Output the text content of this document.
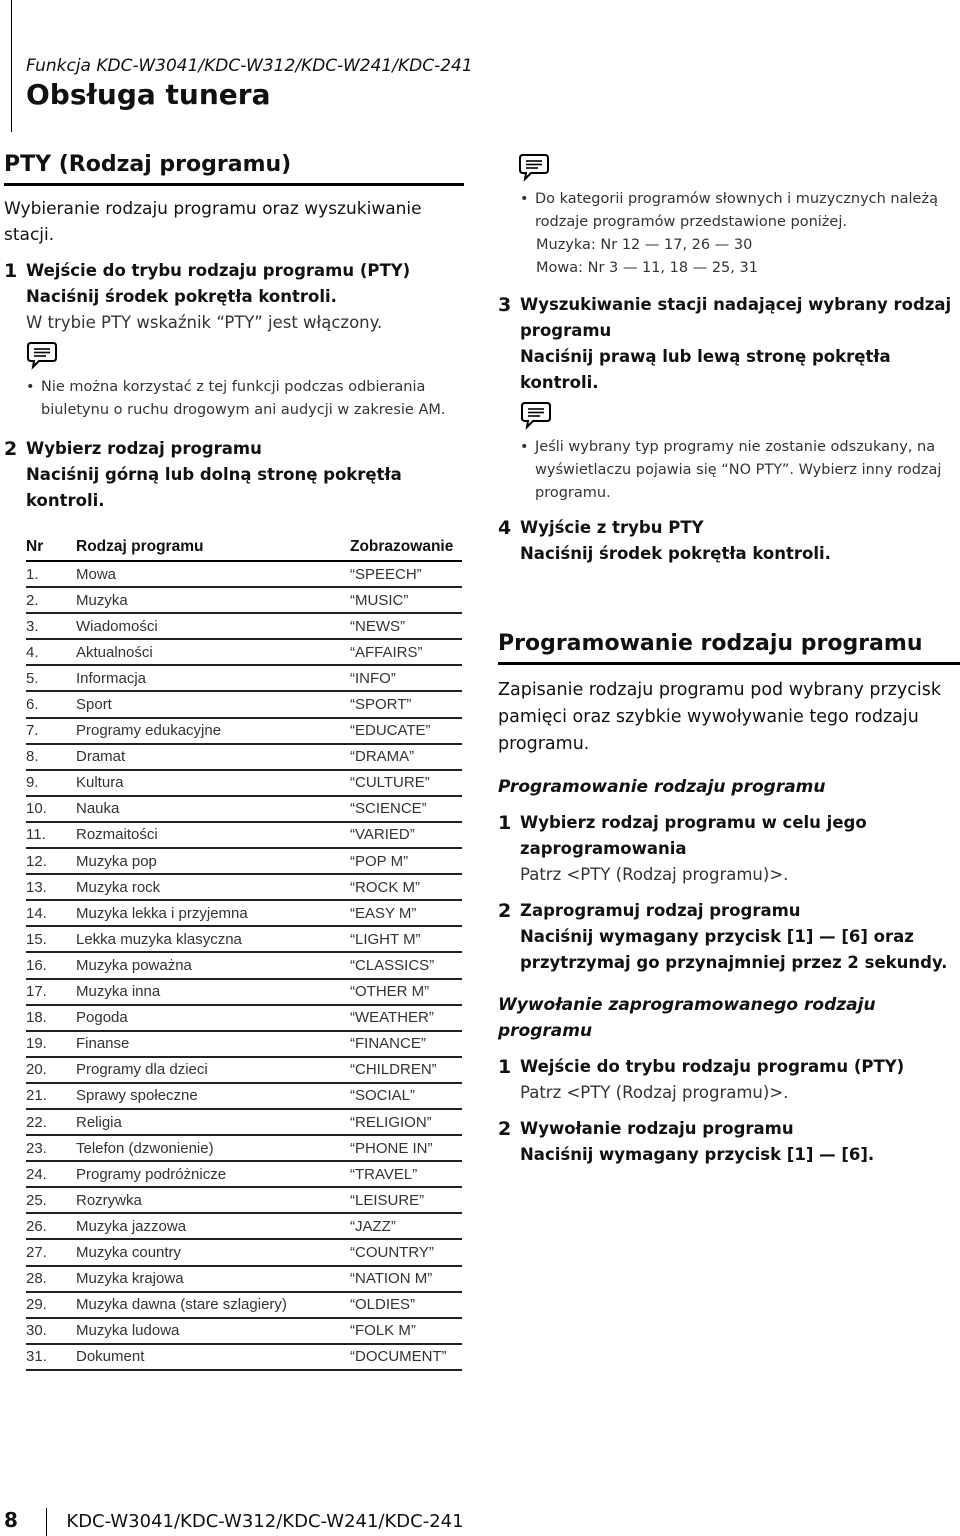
Funkcja KDC-W3041/KDC-W312/KDC-W241/KDC-241
Obsługa tunera
PTY (Rodzaj programu)
Wybieranie rodzaju programu oraz wyszukiwanie stacji.
1 Wejście do trybu rodzaju programu (PTY)
Naciśnij środek pokrętła kontroli.
W trybie PTY wskaźnik “PTY” jest włączony.
• Nie można korzystać z tej funkcji podczas odbierania biuletynu o ruchu drogowym ani audycji w zakresie AM.
2 Wybierz rodzaj programu
Naciśnij górną lub dolną stronę pokrętła kontroli.
Nr	Rodzaj programu	Zobrazowanie
1.	Mowa	“SPEECH”
2.	Muzyka	“MUSIC”
3.	Wiadomości	“NEWS”
4.	Aktualności	“AFFAIRS”
5.	Informacja	“INFO”
6.	Sport	“SPORT”
7.	Programy edukacyjne	“EDUCATE”
8.	Dramat	“DRAMA”
9.	Kultura	“CULTURE”
10.	Nauka	“SCIENCE”
11.	Rozmaitości	“VARIED”
12.	Muzyka pop	“POP M”
13.	Muzyka rock	“ROCK M”
14.	Muzyka lekka i przyjemna	“EASY M”
15.	Lekka muzyka klasyczna	“LIGHT M”
16.	Muzyka poważna	“CLASSICS”
17.	Muzyka inna	“OTHER M”
18.	Pogoda	“WEATHER”
19.	Finanse	“FINANCE”
20.	Programy dla dzieci	“CHILDREN”
21.	Sprawy społeczne	“SOCIAL”
22.	Religia	“RELIGION”
23.	Telefon (dzwonienie)	“PHONE IN”
24.	Programy podróżnicze	“TRAVEL”
25.	Rozrywka	“LEISURE”
26.	Muzyka jazzowa	“JAZZ”
27.	Muzyka country	“COUNTRY”
28.	Muzyka krajowa	“NATION M”
29.	Muzyka dawna (stare szlagiery)	“OLDIES”
30.	Muzyka ludowa	“FOLK M”
31.	Dokument	“DOCUMENT”
• Do kategorii programów słownych i muzycznych należą rodzaje programów przedstawione poniżej.
Muzyka: Nr 12 — 17, 26 — 30
Mowa: Nr 3 — 11, 18 — 25, 31
3 Wyszukiwanie stacji nadającej wybrany rodzaj programu
Naciśnij prawą lub lewą stronę pokrętła kontroli.
• Jeśli wybrany typ programy nie zostanie odszukany, na wyświetlaczu pojawia się “NO PTY”. Wybierz inny rodzaj programu.
4 Wyjście z trybu PTY
Naciśnij środek pokrętła kontroli.
Programowanie rodzaju programu
Zapisanie rodzaju programu pod wybrany przycisk pamięci oraz szybkie wywoływanie tego rodzaju programu.
Programowanie rodzaju programu
1 Wybierz rodzaj programu w celu jego zaprogramowania
Patrz <PTY (Rodzaj programu)>.
2 Zaprogramuj rodzaj programu
Naciśnij wymagany przycisk [1] — [6] oraz przytrzymaj go przynajmniej przez 2 sekundy.
Wywołanie zaprogramowanego rodzaju programu
1 Wejście do trybu rodzaju programu (PTY)
Patrz <PTY (Rodzaj programu)>.
2 Wywołanie rodzaju programu
Naciśnij wymagany przycisk [1] — [6].
8	KDC-W3041/KDC-W312/KDC-W241/KDC-241
